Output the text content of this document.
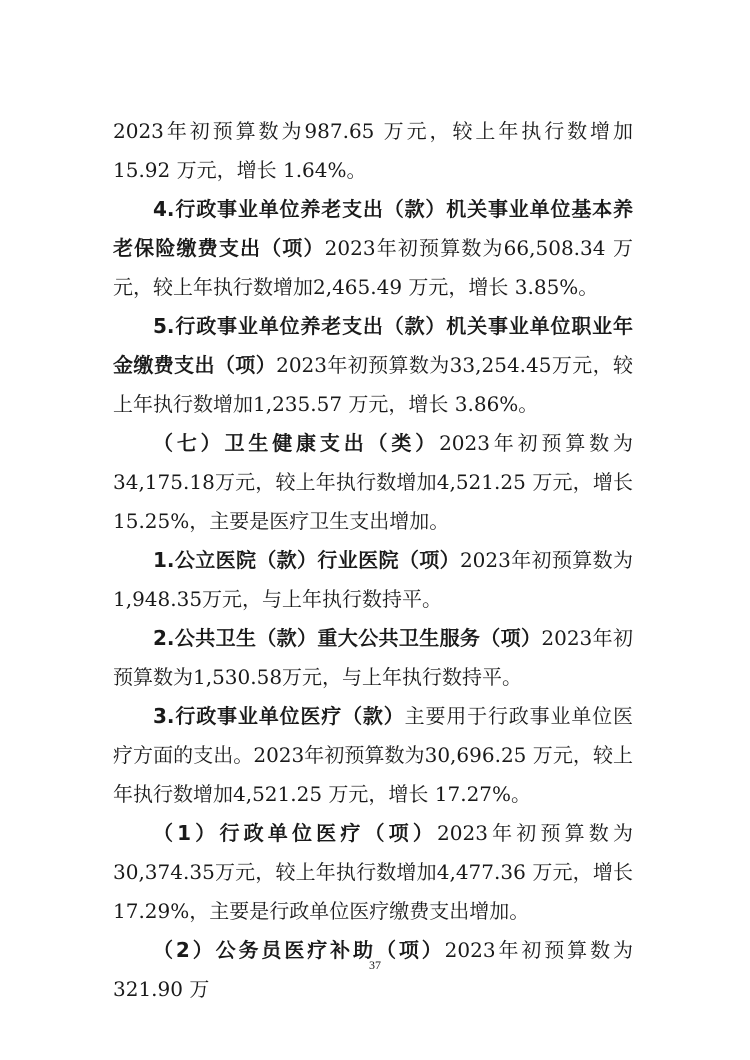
2023年初预算数为987.65 万元，较上年执行数增加15.92 万元，增长 1.64%。

4.行政事业单位养老支出（款）机关事业单位基本养老保险缴费支出（项）2023年初预算数为66,508.34 万元，较上年执行数增加2,465.49 万元，增长 3.85%。

5.行政事业单位养老支出（款）机关事业单位职业年金缴费支出（项）2023年初预算数为33,254.45万元，较上年执行数增加1,235.57 万元，增长 3.86%。

（七）卫生健康支出（类）2023年初预算数为34,175.18万元，较上年执行数增加4,521.25 万元，增长 15.25%，主要是医疗卫生支出增加。

1.公立医院（款）行业医院（项）2023年初预算数为1,948.35万元，与上年执行数持平。

2.公共卫生（款）重大公共卫生服务（项）2023年初预算数为1,530.58万元，与上年执行数持平。

3.行政事业单位医疗（款）主要用于行政事业单位医疗方面的支出。2023年初预算数为30,696.25 万元，较上年执行数增加4,521.25 万元，增长 17.27%。

（1）行政单位医疗（项）2023年初预算数为30,374.35万元，较上年执行数增加4,477.36 万元，增长 17.29%，主要是行政单位医疗缴费支出增加。

（2）公务员医疗补助（项）2023年初预算数为321.90 万

37
